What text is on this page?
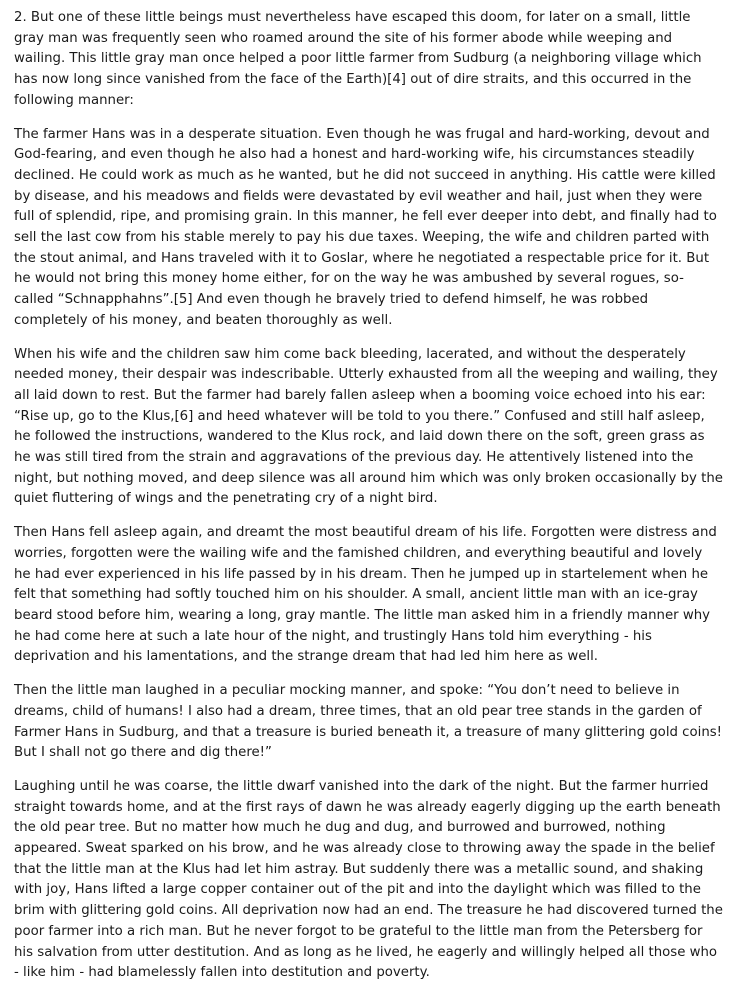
2. But one of these little beings must nevertheless have escaped this doom, for later on a small, little gray man was frequently seen who roamed around the site of his former abode while weeping and wailing. This little gray man once helped a poor little farmer from Sudburg (a neighboring village which has now long since vanished from the face of the Earth)[4] out of dire straits, and this occurred in the following manner:

The farmer Hans was in a desperate situation. Even though he was frugal and hard-working, devout and God-fearing, and even though he also had a honest and hard-working wife, his circumstances steadily declined. He could work as much as he wanted, but he did not succeed in anything. His cattle were killed by disease, and his meadows and fields were devastated by evil weather and hail, just when they were full of splendid, ripe, and promising grain. In this manner, he fell ever deeper into debt, and finally had to sell the last cow from his stable merely to pay his due taxes. Weeping, the wife and children parted with the stout animal, and Hans traveled with it to Goslar, where he negotiated a respectable price for it. But he would not bring this money home either, for on the way he was ambushed by several rogues, so-called “Schnapphahns”.[5] And even though he bravely tried to defend himself, he was robbed completely of his money, and beaten thoroughly as well.

When his wife and the children saw him come back bleeding, lacerated, and without the desperately needed money, their despair was indescribable. Utterly exhausted from all the weeping and wailing, they all laid down to rest. But the farmer had barely fallen asleep when a booming voice echoed into his ear: “Rise up, go to the Klus,[6] and heed whatever will be told to you there.” Confused and still half asleep, he followed the instructions, wandered to the Klus rock, and laid down there on the soft, green grass as he was still tired from the strain and aggravations of the previous day. He attentively listened into the night, but nothing moved, and deep silence was all around him which was only broken occasionally by the quiet fluttering of wings and the penetrating cry of a night bird.

Then Hans fell asleep again, and dreamt the most beautiful dream of his life. Forgotten were distress and worries, forgotten were the wailing wife and the famished children, and everything beautiful and lovely he had ever experienced in his life passed by in his dream. Then he jumped up in startelement when he felt that something had softly touched him on his shoulder. A small, ancient little man with an ice-gray beard stood before him, wearing a long, gray mantle. The little man asked him in a friendly manner why he had come here at such a late hour of the night, and trustingly Hans told him everything - his deprivation and his lamentations, and the strange dream that had led him here as well.

Then the little man laughed in a peculiar mocking manner, and spoke: “You don’t need to believe in dreams, child of humans! I also had a dream, three times, that an old pear tree stands in the garden of Farmer Hans in Sudburg, and that a treasure is buried beneath it, a treasure of many glittering gold coins! But I shall not go there and dig there!”

Laughing until he was coarse, the little dwarf vanished into the dark of the night. But the farmer hurried straight towards home, and at the first rays of dawn he was already eagerly digging up the earth beneath the old pear tree. But no matter how much he dug and dug, and burrowed and burrowed, nothing appeared. Sweat sparked on his brow, and he was already close to throwing away the spade in the belief that the little man at the Klus had let him astray. But suddenly there was a metallic sound, and shaking with joy, Hans lifted a large copper container out of the pit and into the daylight which was filled to the brim with glittering gold coins. All deprivation now had an end. The treasure he had discovered turned the poor farmer into a rich man. But he never forgot to be grateful to the little man from the Petersberg for his salvation from utter destitution. And as long as he lived, he eagerly and willingly helped all those who - like him - had blamelessly fallen into destitution and poverty.
